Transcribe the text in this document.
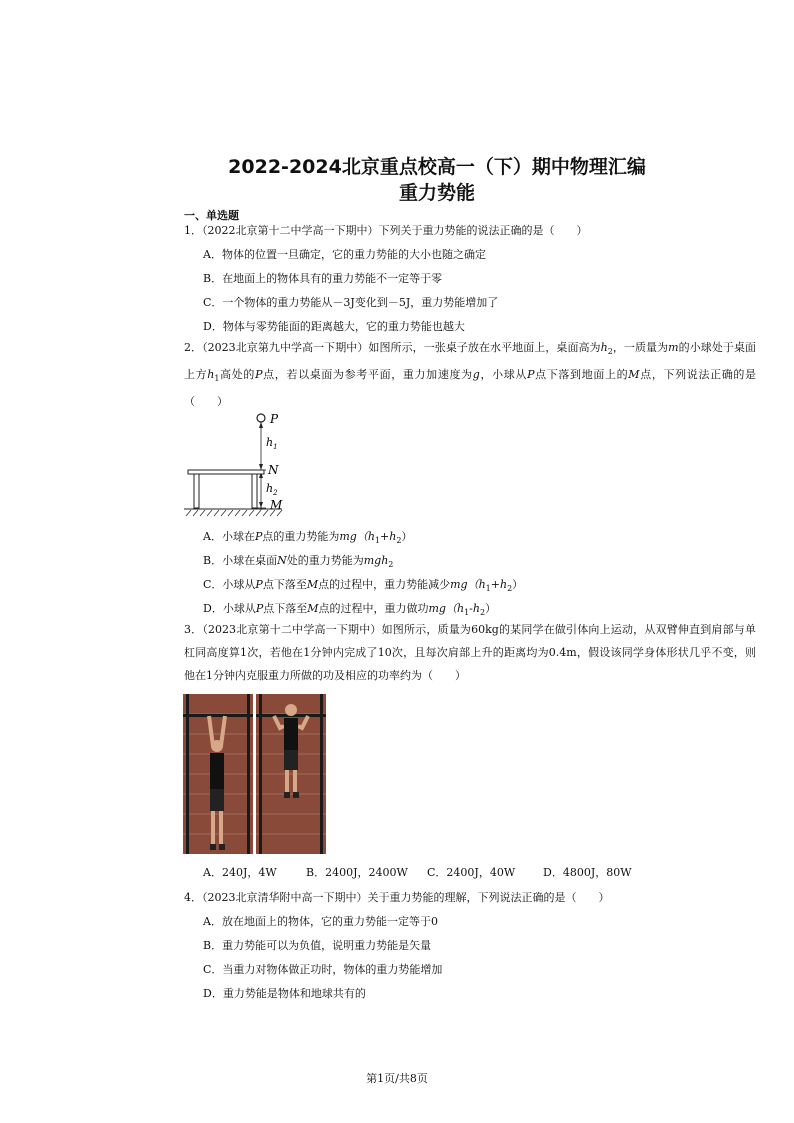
2022-2024北京重点校高一（下）期中物理汇编
重力势能
一、单选题
1．（2022北京第十二中学高一下期中）下列关于重力势能的说法正确的是（　　）
A．物体的位置一旦确定，它的重力势能的大小也随之确定
B．在地面上的物体具有的重力势能不一定等于零
C．一个物体的重力势能从－3J变化到－5J，重力势能增加了
D．物体与零势能面的距离越大，它的重力势能也越大
2．（2023北京第九中学高一下期中）如图所示，一张桌子放在水平地面上，桌面高为$h_2$，一质量为m的小球处于桌面上方$h_1$高处的P点，若以桌面为参考平面，重力加速度为g，小球从P点下落到地面上的M点，下列说法正确的是（　　）
P
$h_1$
N
$h_2$
M
A．小球在P点的重力势能为$mg(h_1+h_2)$
B．小球在桌面N处的重力势能为mgh$_2$
C．小球从P点下落至M点的过程中，重力势能减少$mg(h_1+h_2)$
D．小球从P点下落至M点的过程中，重力做功$mg(h_1-h_2)$
3．（2023北京第十二中学高一下期中）如图所示，质量为60kg的某同学在做引体向上运动，从双臂伸直到肩部与单杠同高度算1次，若他在1分钟内完成了10次，且每次肩部上升的距离均为0.4m，假设该同学身体形状几乎不变，则他在1分钟内克服重力所做的功及相应的功率约为（　　）
A．240J，4W	B．2400J，2400W C．2400J，40W	D．4800J，80W
4．（2023北京清华附中高一下期中）关于重力势能的理解，下列说法正确的是（　　）
A．放在地面上的物体，它的重力势能一定等于0
B．重力势能可以为负值，说明重力势能是矢量
C．当重力对物体做正功时，物体的重力势能增加
D．重力势能是物体和地球共有的
第1页/共8页
